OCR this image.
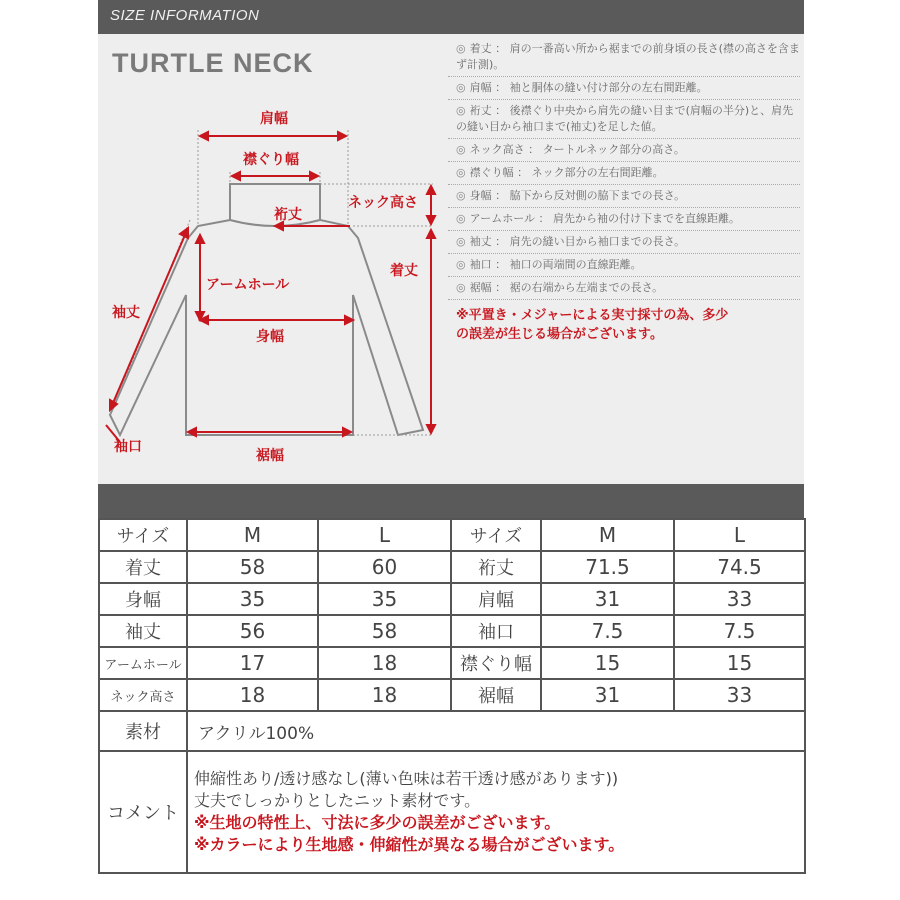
SIZE INFORMATION
TURTLE NECK
肩幅
襟ぐり幅
ネック高さ
裄丈
着丈
アームホール
袖丈
身幅
袖口
裾幅
◎ 着丈 ： 肩の一番高い所から裾までの前身頃の長さ(襟の高さを含まず計測)。
◎ 肩幅 ： 袖と胴体の縫い付け部分の左右間距離。
◎ 裄丈 ： 後襟ぐり中央から肩先の縫い目まで(肩幅の半分)と、肩先の縫い目から袖口まで(袖丈)を足した値。
◎ ネック高さ ： タートルネック部分の高さ。
◎ 襟ぐり幅 ： ネック部分の左右間距離。
◎ 身幅 ： 脇下から反対側の脇下までの長さ。
◎ アームホール ： 肩先から袖の付け下までを直線距離。
◎ 袖丈 ： 肩先の縫い目から袖口までの長さ。
◎ 袖口 ： 袖口の両端間の直線距離。
◎ 裾幅 ： 裾の右端から左端までの長さ。
※平置き・メジャーによる実寸採寸の為、多少
の誤差が生じる場合がございます。
サイズ	M	L	サイズ	M	L
着丈	58	60	裄丈	71.5	74.5
身幅	35	35	肩幅	31	33
袖丈	56	58	袖口	7.5	7.5
アームホール	17	18	襟ぐり幅	15	15
ネック高さ	18	18	裾幅	31	33
素材	アクリル100%				
コメント	伸縮性あり/透け感なし(薄い色味は若干透け感があります))
丈夫でしっかりとしたニット素材です。
※生地の特性上、寸法に多少の誤差がございます。
※カラーにより生地感・伸縮性が異なる場合がございます。				
